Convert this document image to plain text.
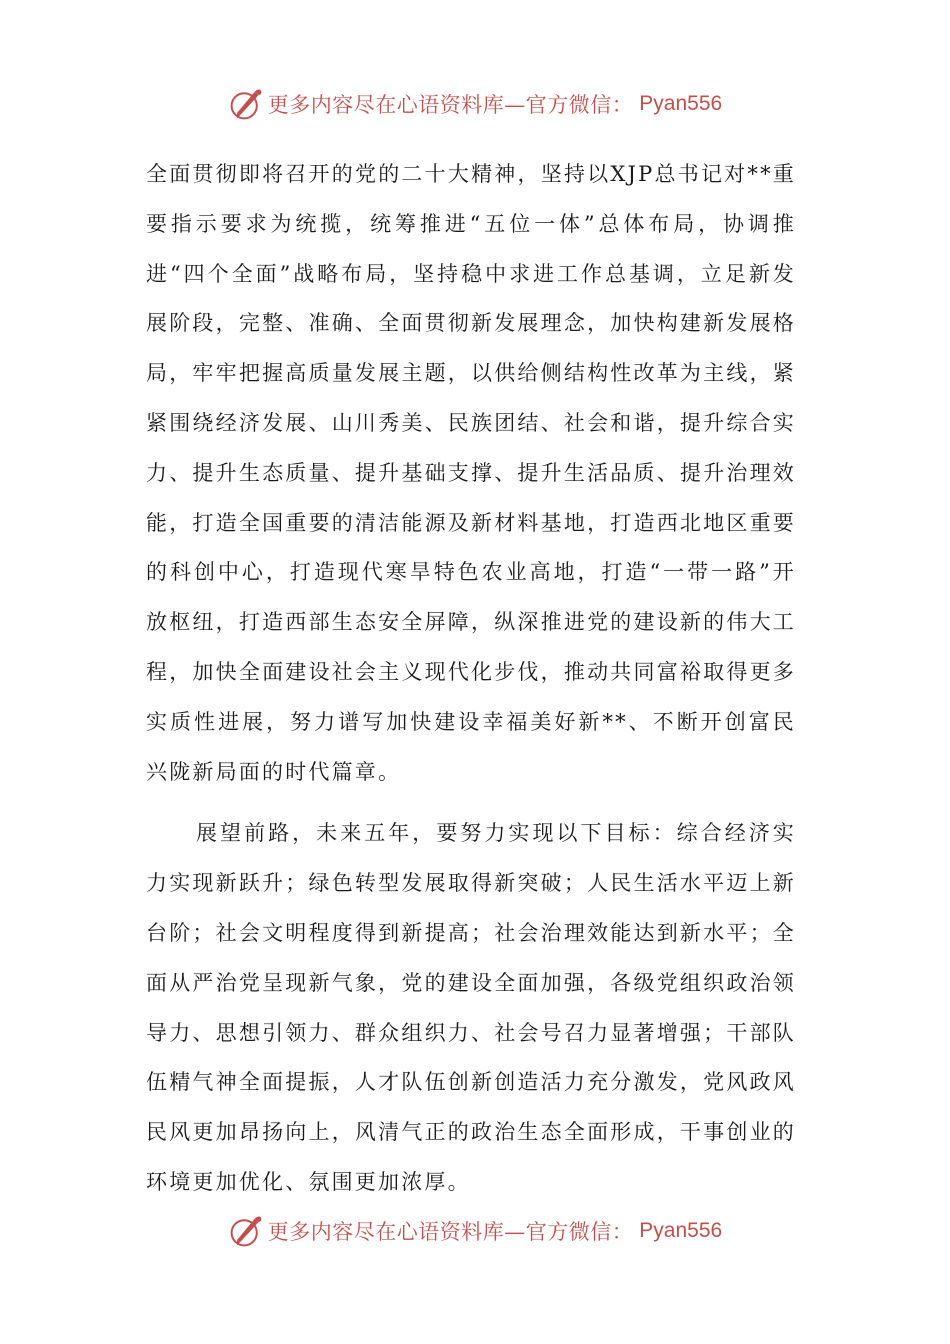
更多内容尽在心语资料库—官方微信： Pyan556

全面贯彻即将召开的党的二十大精神，坚持以XJP总书记对**重要指示要求为统揽，统筹推进“五位一体”总体布局，协调推进“四个全面”战略布局，坚持稳中求进工作总基调，立足新发展阶段，完整、准确、全面贯彻新发展理念，加快构建新发展格局，牢牢把握高质量发展主题，以供给侧结构性改革为主线，紧紧围绕经济发展、山川秀美、民族团结、社会和谐，提升综合实力、提升生态质量、提升基础支撑、提升生活品质、提升治理效能，打造全国重要的清洁能源及新材料基地，打造西北地区重要的科创中心，打造现代寒旱特色农业高地，打造“一带一路”开放枢纽，打造西部生态安全屏障，纵深推进党的建设新的伟大工程，加快全面建设社会主义现代化步伐，推动共同富裕取得更多实质性进展，努力谱写加快建设幸福美好新**、不断开创富民兴陇新局面的时代篇章。

展望前路，未来五年，要努力实现以下目标：综合经济实力实现新跃升；绿色转型发展取得新突破；人民生活水平迈上新台阶；社会文明程度得到新提高；社会治理效能达到新水平；全面从严治党呈现新气象，党的建设全面加强，各级党组织政治领导力、思想引领力、群众组织力、社会号召力显著增强；干部队伍精气神全面提振，人才队伍创新创造活力充分激发，党风政风民风更加昂扬向上，风清气正的政治生态全面形成，干事创业的环境更加优化、氛围更加浓厚。

更多内容尽在心语资料库—官方微信： Pyan556
